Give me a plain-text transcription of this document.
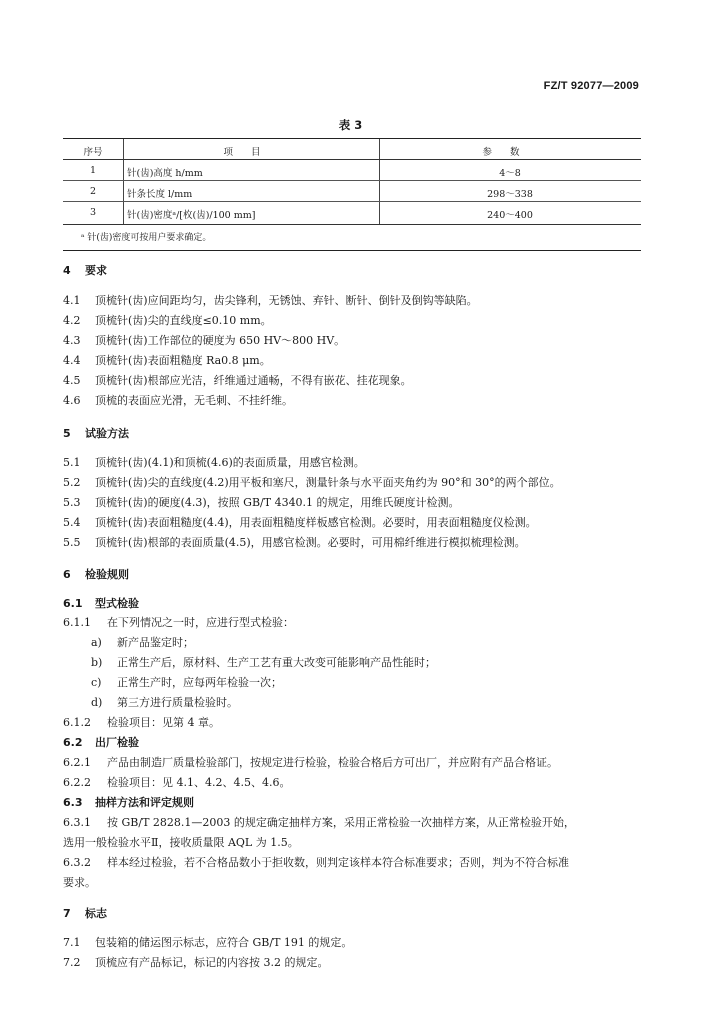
FZ/T 92077—2009
表 3
序号	项目	参数
1	针(齿)高度 h/mm	4～8
2	针条长度 l/mm	298～338
3	针(齿)密度ᵃ/[枚(齿)/100 mm]	240～400
ᵃ 针(齿)密度可按用户要求确定。
4 要求
4.1 顶梳针(齿)应间距均匀，齿尖锋利，无锈蚀、弃针、断针、倒针及倒钩等缺陷。
4.2 顶梳针(齿)尖的直线度≤0.10 mm。
4.3 顶梳针(齿)工作部位的硬度为 650 HV～800 HV。
4.4 顶梳针(齿)表面粗糙度 Ra0.8 μm。
4.5 顶梳针(齿)根部应光洁，纤维通过通畅，不得有嵌花、挂花现象。
4.6 顶梳的表面应光滑，无毛刺、不挂纤维。
5 试验方法
5.1 顶梳针(齿)(4.1)和顶梳(4.6)的表面质量，用感官检测。
5.2 顶梳针(齿)尖的直线度(4.2)用平板和塞尺，测量针条与水平面夹角约为 90°和 30°的两个部位。
5.3 顶梳针(齿)的硬度(4.3)，按照 GB/T 4340.1 的规定，用维氏硬度计检测。
5.4 顶梳针(齿)表面粗糙度(4.4)，用表面粗糙度样板感官检测。必要时，用表面粗糙度仪检测。
5.5 顶梳针(齿)根部的表面质量(4.5)，用感官检测。必要时，可用棉纤维进行模拟梳理检测。
6 检验规则
6.1 型式检验
6.1.1 在下列情况之一时，应进行型式检验：
a) 新产品鉴定时；
b) 正常生产后，原材料、生产工艺有重大改变可能影响产品性能时；
c) 正常生产时，应每两年检验一次；
d) 第三方进行质量检验时。
6.1.2 检验项目：见第 4 章。
6.2 出厂检验
6.2.1 产品由制造厂质量检验部门，按规定进行检验，检验合格后方可出厂，并应附有产品合格证。
6.2.2 检验项目：见 4.1、4.2、4.5、4.6。
6.3 抽样方法和评定规则
6.3.1 按 GB/T 2828.1—2003 的规定确定抽样方案，采用正常检验一次抽样方案，从正常检验开始，
选用一般检验水平Ⅱ，接收质量限 AQL 为 1.5。
6.3.2 样本经过检验，若不合格品数小于拒收数，则判定该样本符合标准要求；否则，判为不符合标准
要求。
7 标志
7.1 包装箱的储运图示标志，应符合 GB/T 191 的规定。
7.2 顶梳应有产品标记，标记的内容按 3.2 的规定。
